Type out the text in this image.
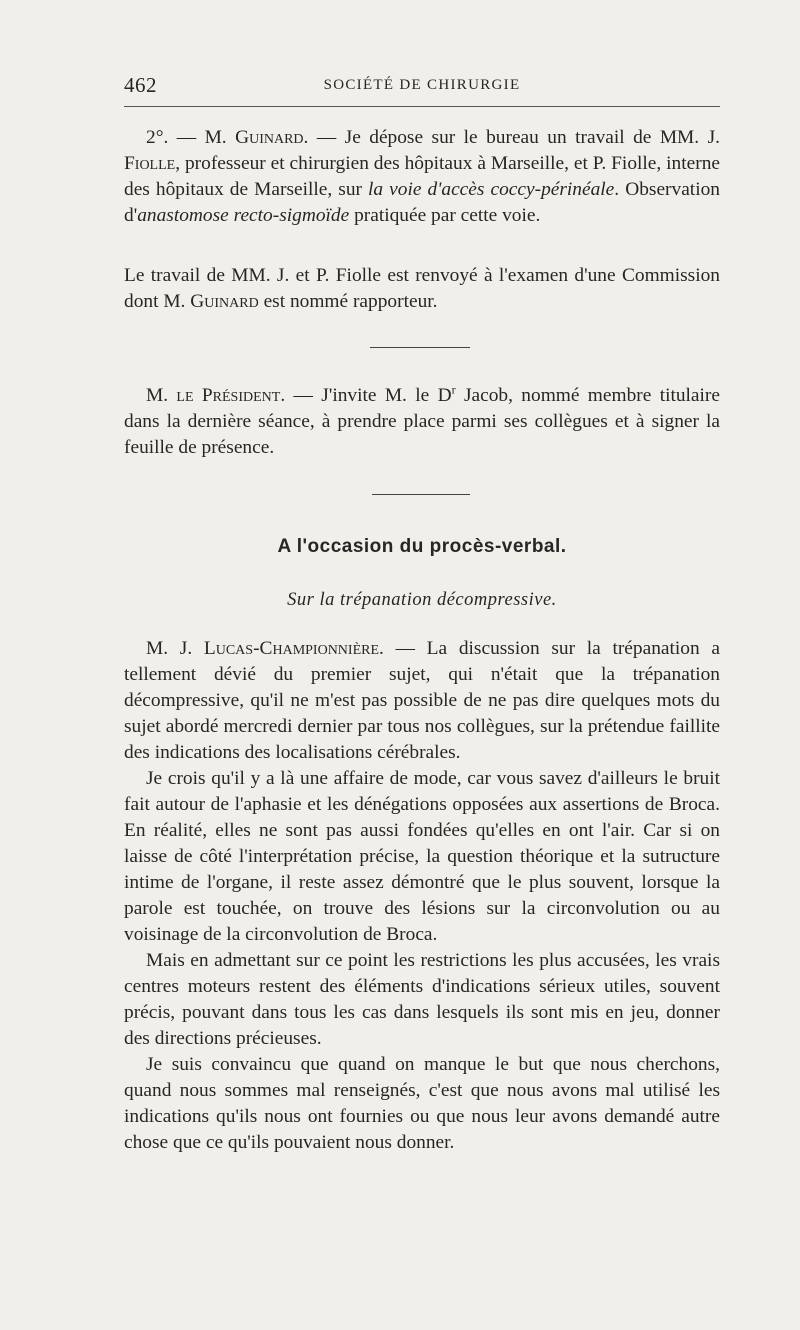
462	SOCIÉTÉ DE CHIRURGIE

2°. — M. Guinard. — Je dépose sur le bureau un travail de MM. J. Fiolle, professeur et chirurgien des hôpitaux à Marseille, et P. Fiolle, interne des hôpitaux de Marseille, sur la voie d'accès coccy-périnéale. Observation d'anastomose recto-sigmoïde pratiquée par cette voie.

Le travail de MM. J. et P. Fiolle est renvoyé à l'examen d'une Commission dont M. Guinard est nommé rapporteur.

M. le Président. — J'invite M. le $D^r$ Jacob, nommé membre titulaire dans la dernière séance, à prendre place parmi ses collègues et à signer la feuille de présence.

A l'occasion du procès-verbal.
Sur la trépanation décompressive.

M. J. Lucas-Championnière. — La discussion sur la trépanation a tellement dévié du premier sujet, qui n'était que la trépanation décompressive, qu'il ne m'est pas possible de ne pas dire quelques mots du sujet abordé mercredi dernier par tous nos collègues, sur la prétendue faillite des indications des localisations cérébrales.

Je crois qu'il y a là une affaire de mode, car vous savez d'ailleurs le bruit fait autour de l'aphasie et les dénégations opposées aux assertions de Broca. En réalité, elles ne sont pas aussi fondées qu'elles en ont l'air. Car si on laisse de côté l'interprétation précise, la question théorique et la sutructure intime de l'organe, il reste assez démontré que le plus souvent, lorsque la parole est touchée, on trouve des lésions sur la circonvolution ou au voisinage de la circonvolution de Broca.

Mais en admettant sur ce point les restrictions les plus accusées, les vrais centres moteurs restent des éléments d'indications sérieux utiles, souvent précis, pouvant dans tous les cas dans lesquels ils sont mis en jeu, donner des directions précieuses.

Je suis convaincu que quand on manque le but que nous cherchons, quand nous sommes mal renseignés, c'est que nous avons mal utilisé les indications qu'ils nous ont fournies ou que nous leur avons demandé autre chose que ce qu'ils pouvaient nous donner.
